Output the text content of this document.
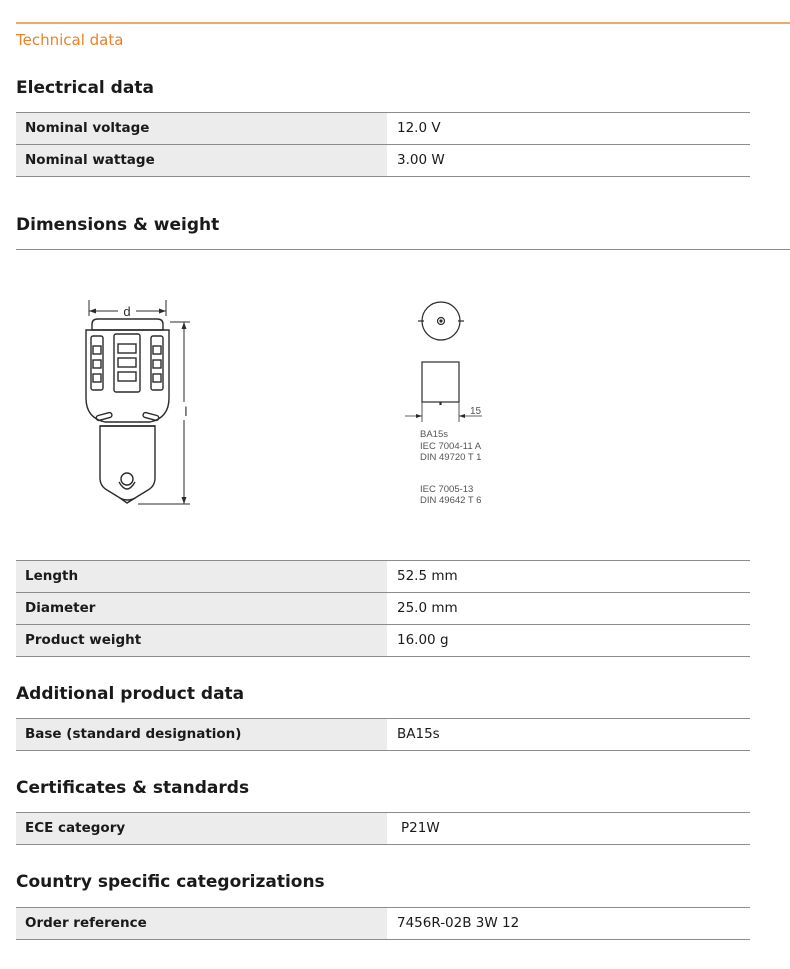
Technical data
Electrical data
Nominal voltage	12.0 V
Nominal wattage	3.00 W
Dimensions & weight
d
l	15
BA15s
IEC 7004-11 A
DIN 49720 T 1
IEC 7005-13
DIN 49642 T 6
Length	52.5 mm
Diameter	25.0 mm
Product weight	16.00 g
Additional product data
Base (standard designation)	BA15s
Certificates & standards
ECE category	P21W
Country specific categorizations
Order reference	7456R-02B 3W 12
